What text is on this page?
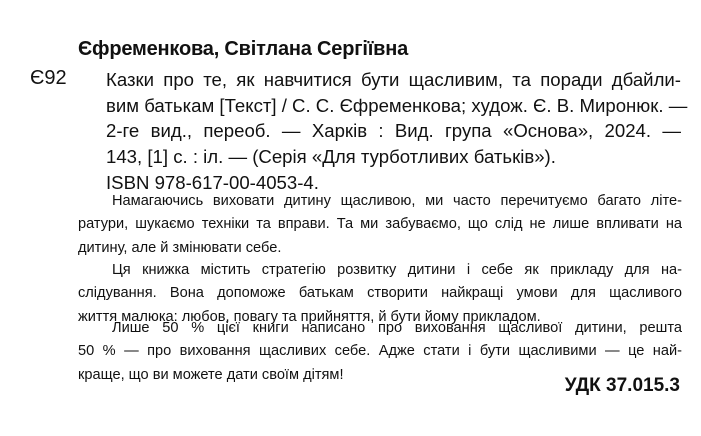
Єфременкова, Світлана Сергіївна
Є92 Казки про те, як навчитися бути щасливим, та поради дбайли-
вим батькам [Текст] / С. С. Єфременкова; худож. Є. В. Миронюк. —
2-ге вид., переоб. — Харків : Вид. група «Основа», 2024. —
143, [1] с. : іл. — (Серія «Для турботливих батьків»).
ISBN 978-617-00-4053-4.
Намагаючись виховати дитину щасливою, ми часто перечитуємо багато літе-
ратури, шукаємо техніки та вправи. Та ми забуваємо, що слід не лише впливати на
дитину, але й змінювати себе.
Ця книжка містить стратегію розвитку дитини і себе як прикладу для на-
слідування. Вона допоможе батькам створити найкращі умови для щасливого
життя малюка: любов, повагу та прийняття, й бути йому прикладом.
Лише 50 % цієї книги написано про виховання щасливої дитини, решта
50 % — про виховання щасливих себе. Адже стати і бути щасливими — це най-
краще, що ви можете дати своїм дітям!
УДК 37.015.3
